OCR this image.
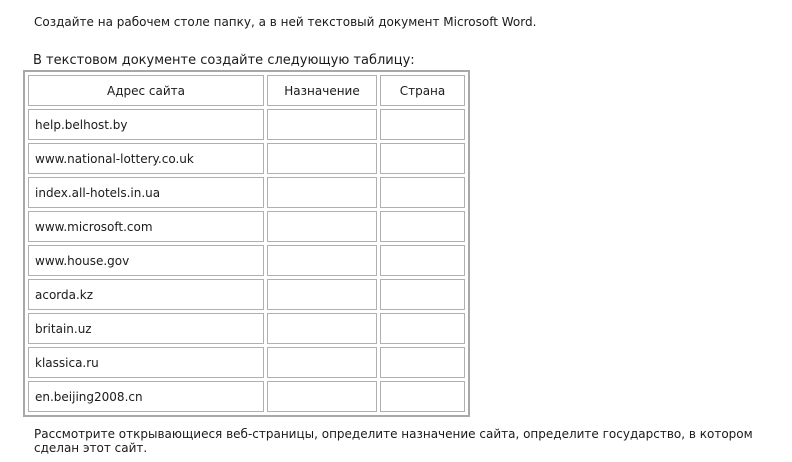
Создайте на рабочем столе папку, а в ней текстовый документ Microsoft Word.
В текстовом документе создайте следующую таблицу:
Адрес сайта	Назначение	Страна
help.belhost.by		
www.national-lottery.co.uk		
index.all-hotels.in.ua		
www.microsoft.com		
www.house.gov		
acorda.kz		
britain.uz		
klassica.ru		
en.beijing2008.cn		
Рассмотрите открывающиеся веб-страницы, определите назначение сайта, определите государство, в котором сделан этот сайт.
